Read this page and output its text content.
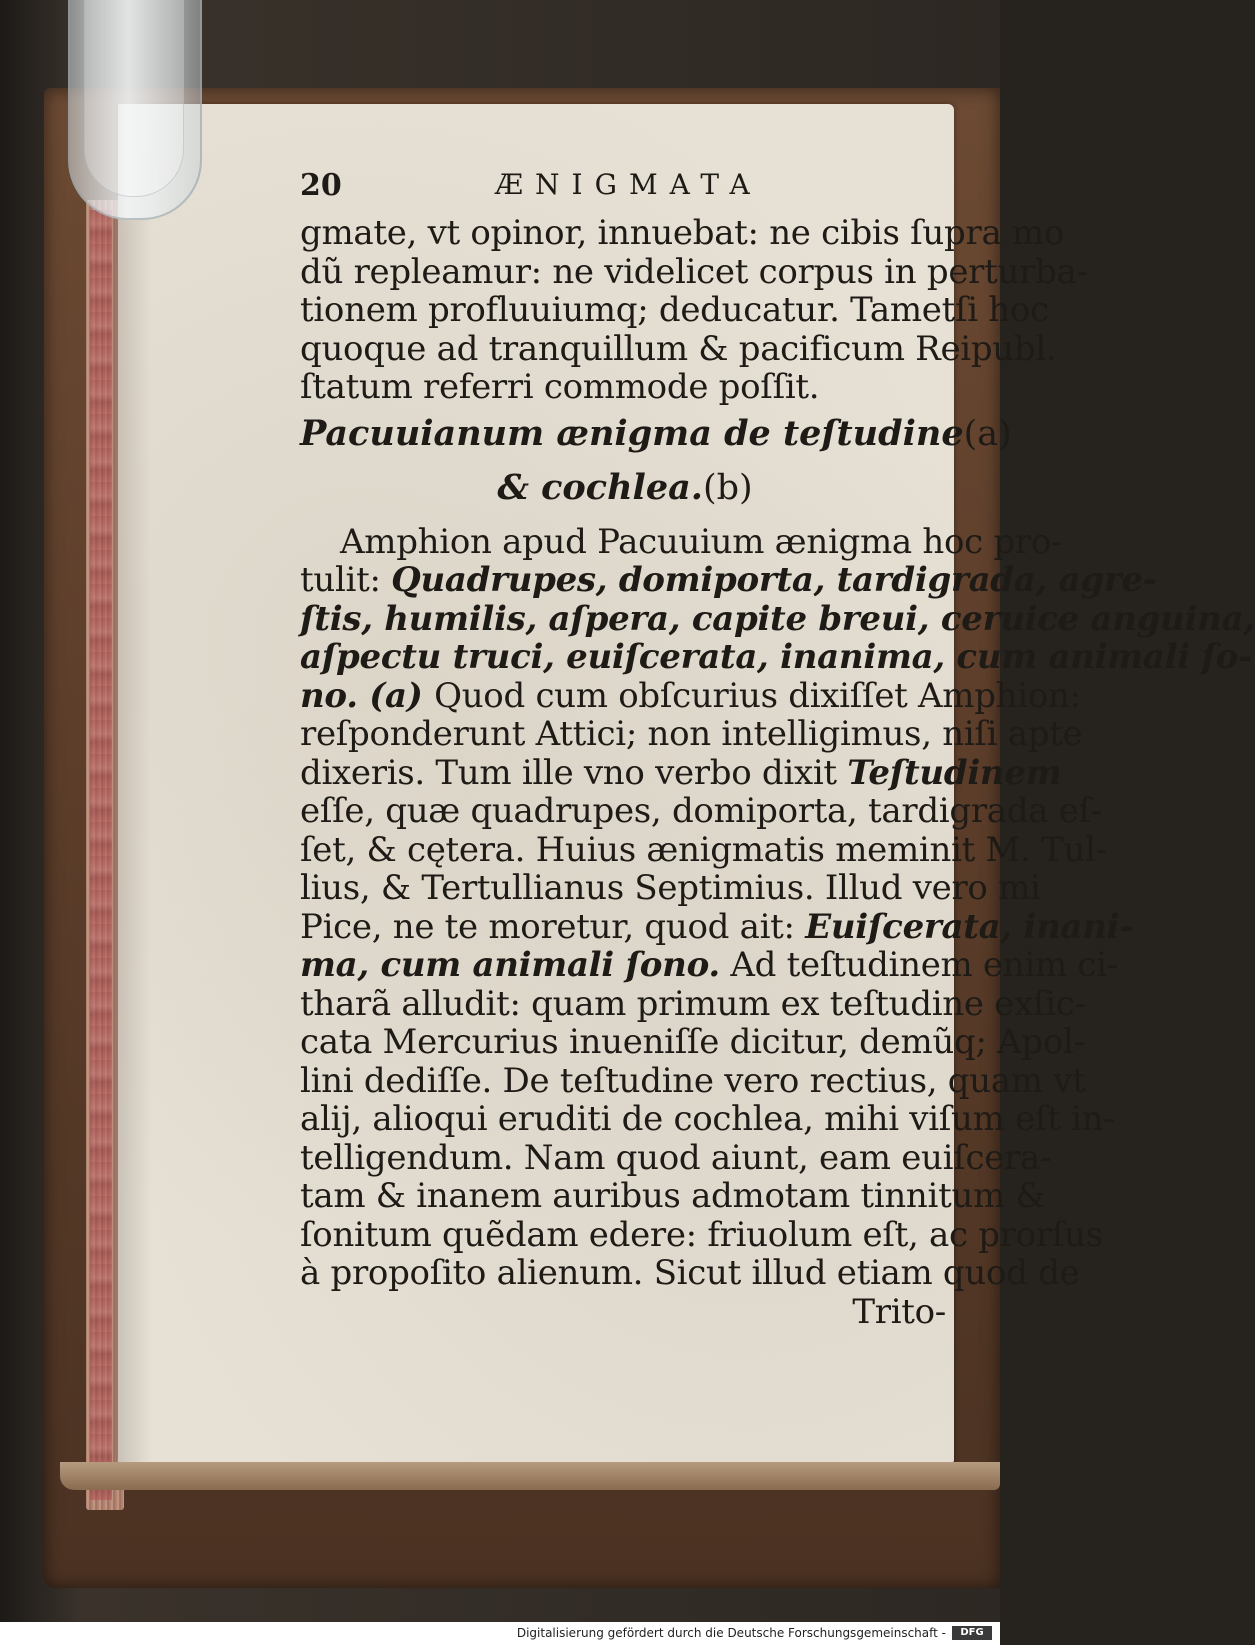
20	ÆNIGMATA
gmate, vt opinor, innuebat: ne cibis ſupra mo
dũ repleamur: ne videlicet corpus in perturba-
tionem profluuiumq; deducatur. Tametſi hoc
quoque ad tranquillum & pacificum Reipubl.
ſtatum referri commode poſſit.
Pacuuianum ænigma de teſtudine(a)
& cochlea.(b)
Amphion apud Pacuuium ænigma hoc pro-
tulit: Quadrupes, domiporta, tardigrada, agre-
ſtis, humilis, aſpera, capite breui, ceruice anguina,
aſpectu truci, euiſcerata, inanima, cum animali ſo-
no. (a) Quod cum obſcurius dixiſſet Amphion:
reſponderunt Attici; non intelligimus, niſi apte
dixeris. Tum ille vno verbo dixit Teſtudinem
eſſe, quæ quadrupes, domiporta, tardigrada eſ-
ſet, & cętera. Huius ænigmatis meminit M. Tul-
lius, & Tertullianus Septimius. Illud vero mi
Pice, ne te moretur, quod ait: Euiſcerata, inani-
ma, cum animali ſono. Ad teſtudinem enim ci-
tharã alludit: quam primum ex teſtudine exſic-
cata Mercurius inueniſſe dicitur, demũq; Apol-
lini dediſſe. De teſtudine vero rectius, quam vt
alij, alioqui eruditi de cochlea, mihi viſum eſt in-
telligendum. Nam quod aiunt, eam euiſcera-
tam & inanem auribus admotam tinnitum &
ſonitum quẽdam edere: friuolum eſt, ac prorſus
à propoſito alienum. Sicut illud etiam quod de
Trito-
Digitalisierung gefördert durch die Deutsche Forschungsgemeinschaft -	DFG
